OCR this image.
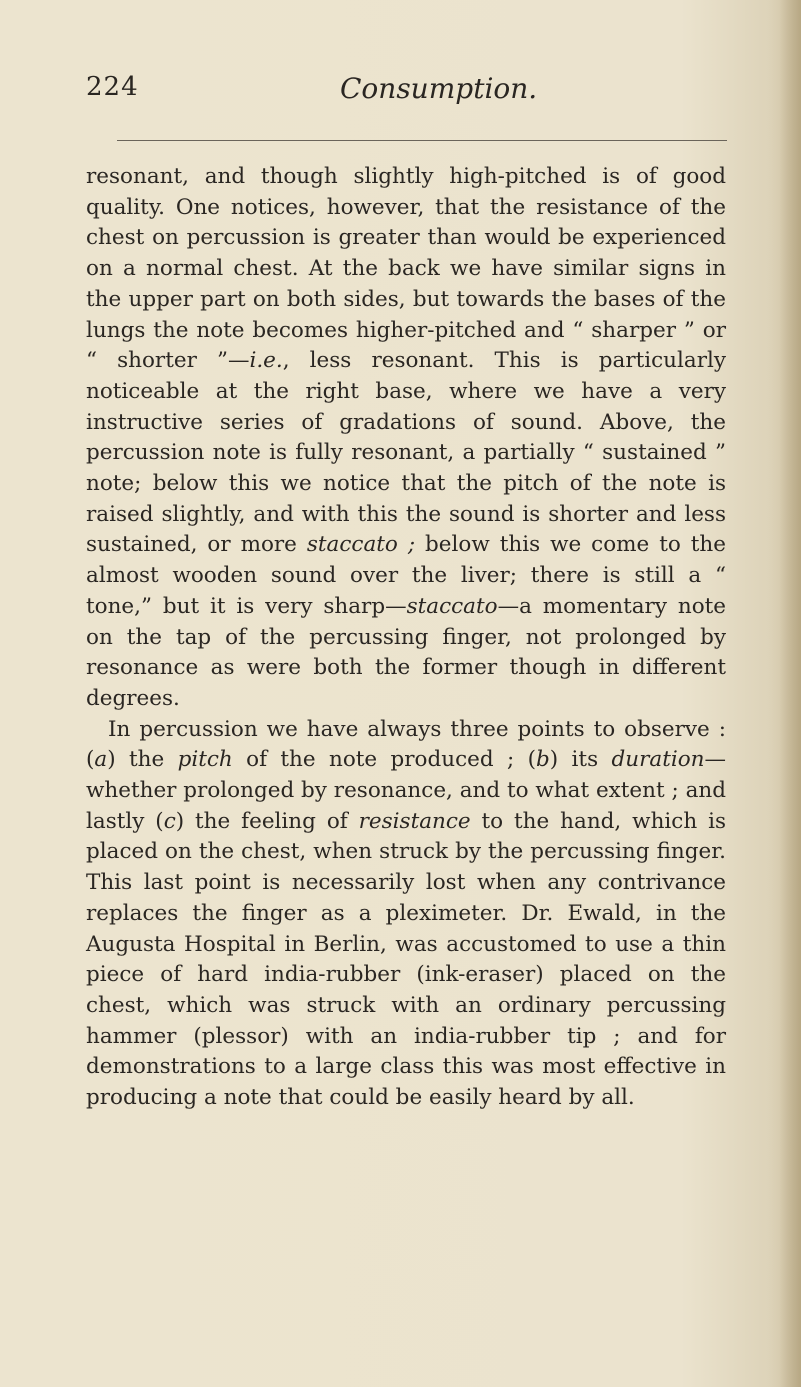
224	Consumption.

resonant, and though slightly high-pitched is of good quality. One notices, however, that the resistance of the chest on percussion is greater than would be experienced on a normal chest. At the back we have similar signs in the upper part on both sides, but towards the bases of the lungs the note becomes higher-pitched and “ sharper ” or “ shorter ”—i.e., less resonant. This is particularly noticeable at the right base, where we have a very instructive series of gradations of sound. Above, the percussion note is fully resonant, a partially “ sustained ” note; below this we notice that the pitch of the note is raised slightly, and with this the sound is shorter and less sustained, or more staccato ; below this we come to the almost wooden sound over the liver; there is still a “ tone,” but it is very sharp—staccato—a momentary note on the tap of the percussing finger, not prolonged by resonance as were both the former though in different degrees.

In percussion we have always three points to observe : (a) the pitch of the note produced ; (b) its duration— whether prolonged by resonance, and to what extent ; and lastly (c) the feeling of resistance to the hand, which is placed on the chest, when struck by the percussing finger. This last point is necessarily lost when any contrivance replaces the finger as a pleximeter. Dr. Ewald, in the Augusta Hospital in Berlin, was accustomed to use a thin piece of hard india-rubber (ink-eraser) placed on the chest, which was struck with an ordinary percussing hammer (plessor) with an india-rubber tip ; and for demonstrations to a large class this was most effective in producing a note that could be easily heard by all.
